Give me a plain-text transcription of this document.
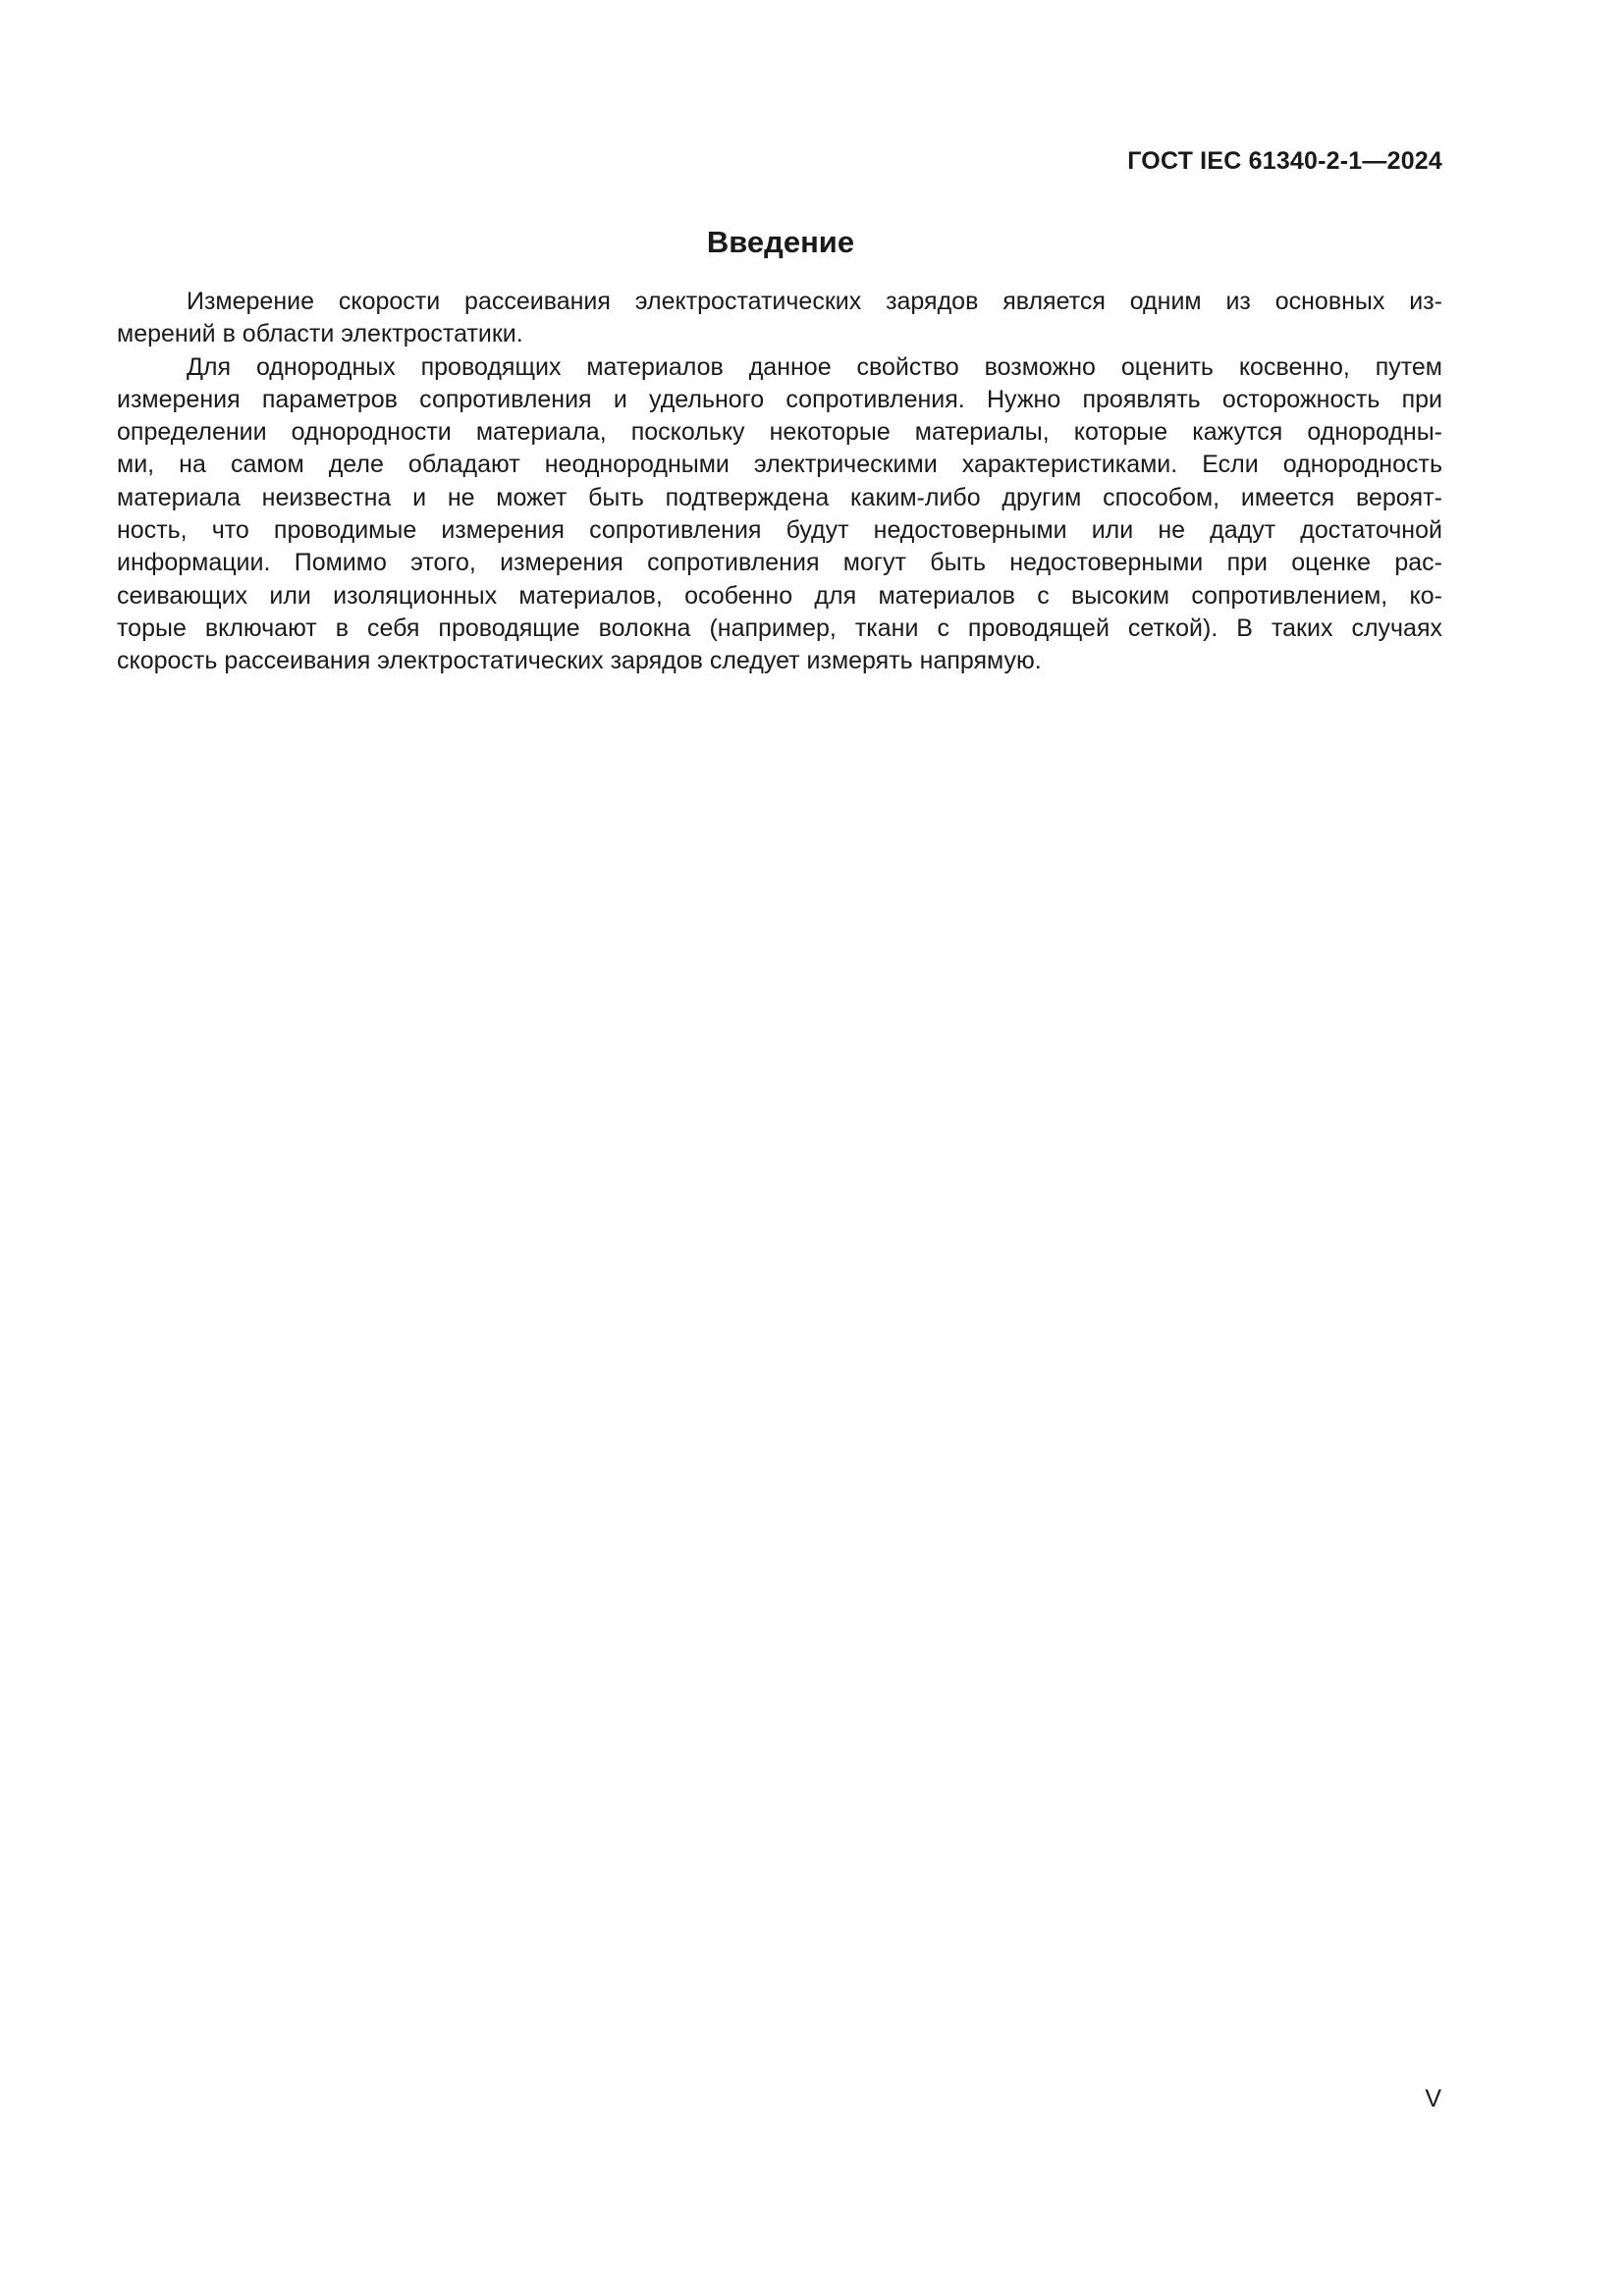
ГОСТ IEC 61340-2-1—2024
Введение

Измерение скорости рассеивания электростатических зарядов является одним из основных из-
мерений в области электростатики.

Для однородных проводящих материалов данное свойство возможно оценить косвенно, путем
измерения параметров сопротивления и удельного сопротивления. Нужно проявлять осторожность при
определении однородности материала, поскольку некоторые материалы, которые кажутся однородны-
ми, на самом деле обладают неоднородными электрическими характеристиками. Если однородность
материала неизвестна и не может быть подтверждена каким-либо другим способом, имеется вероят-
ность, что проводимые измерения сопротивления будут недостоверными или не дадут достаточной
информации. Помимо этого, измерения сопротивления могут быть недостоверными при оценке рас-
сеивающих или изоляционных материалов, особенно для материалов с высоким сопротивлением, ко-
торые включают в себя проводящие волокна (например, ткани с проводящей сеткой). В таких случаях
скорость рассеивания электростатических зарядов следует измерять напрямую.

V
